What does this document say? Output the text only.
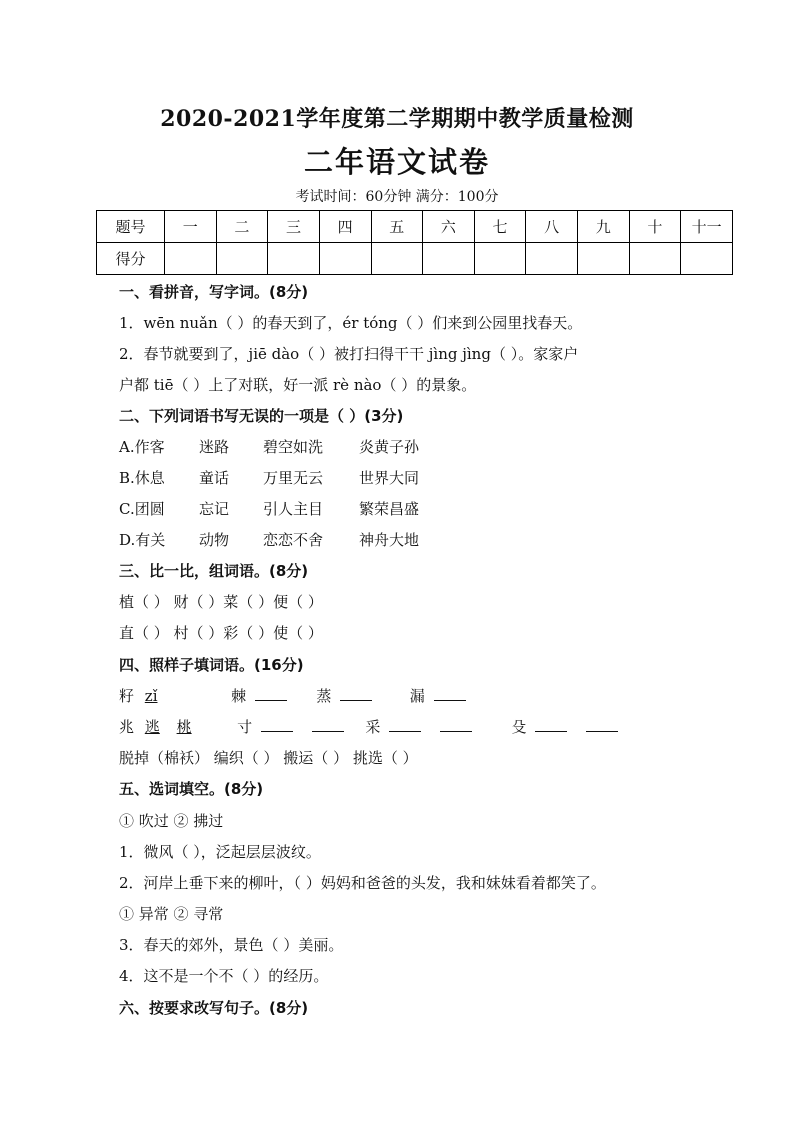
2020-2021学年度第二学期期中教学质量检测
二年语文试卷
考试时间：60分钟 满分：100分
题号	一	二	三	四	五	六	七	八	九	十	十一
得分											
一、看拼音，写字词。(8分)
1．wēn nuǎn（ ）的春天到了，ér tóng（ ）们来到公园里找春天。
2．春节就要到了，jiē dào（ ）被打扫得干干 jìng jìng（ ）。家家户
户都 tiē（ ）上了对联，好一派 rè nào（ ）的景象。
二、下列词语书写无误的一项是（ ）(3分)
A.作客 迷路 碧空如洗 炎黄子孙
B.休息 童话 万里无云 世界大同
C.团圆 忘记 引人主目 繁荣昌盛
D.有关 动物 恋恋不舍 神舟大地
三、比一比，组词语。(8分)
植（ ） 财（ ）菜（ ）便（ ）
直（ ） 村（ ）彩（ ）使（ ）
四、照样子填词语。(16分)
籽 zǐ	棘	蒸	漏
兆 逃 桃	寸	采	殳
脱掉（棉袄） 编织（ ） 搬运（ ） 挑选（ ）
五、选词填空。(8分)
① 吹过 ② 拂过
1．微风（ ），泛起层层波纹。
2．河岸上垂下来的柳叶，（ ）妈妈和爸爸的头发，我和妹妹看着都笑了。
① 异常 ② 寻常
3．春天的郊外，景色（ ）美丽。
4．这不是一个不（ ）的经历。
六、按要求改写句子。(8分)
